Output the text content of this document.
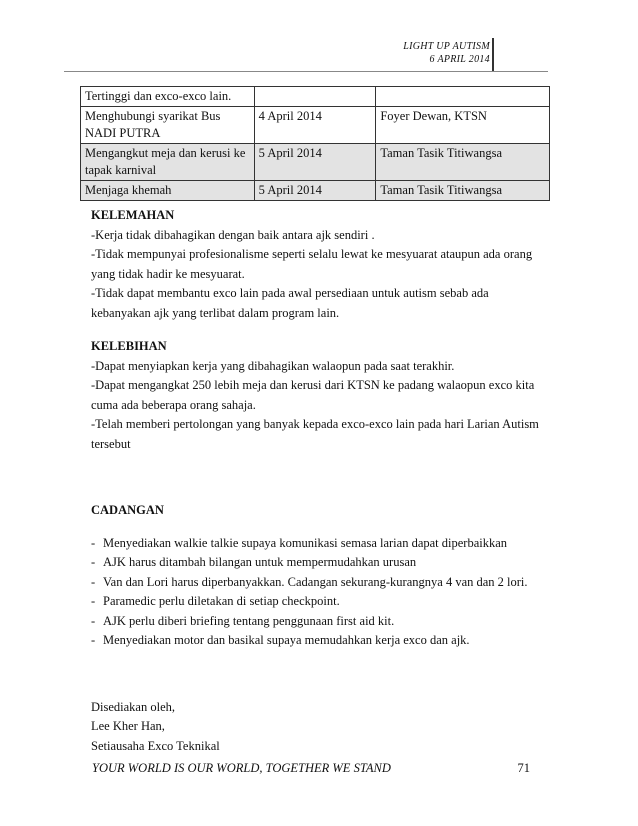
LIGHT UP AUTISM
6 APRIL 2014
Tertinggi dan exco-exco lain.		
Menghubungi syarikat Bus NADI PUTRA	4 April 2014	Foyer Dewan, KTSN
Mengangkut meja dan kerusi ke tapak karnival	5 April 2014	Taman Tasik Titiwangsa
Menjaga khemah	5 April 2014	Taman Tasik Titiwangsa

KELEMAHAN

-Kerja tidak dibahagikan dengan baik antara ajk sendiri .

-Tidak mempunyai profesionalisme seperti selalu lewat ke mesyuarat ataupun ada orang yang tidak hadir ke mesyuarat.

-Tidak dapat membantu exco lain pada awal persediaan untuk autism sebab ada kebanyakan ajk yang terlibat dalam program lain.

KELEBIHAN

-Dapat menyiapkan kerja yang dibahagikan walaopun pada saat terakhir.

-Dapat mengangkat 250 lebih meja dan kerusi dari KTSN ke padang walaopun exco kita cuma ada beberapa orang sahaja.

-Telah memberi pertolongan yang banyak kepada exco-exco lain pada hari Larian Autism tersebut

CADANGAN

- Menyediakan walkie talkie supaya komunikasi semasa larian dapat diperbaikkan
- AJK harus ditambah bilangan untuk mempermudahkan urusan
- Van dan Lori harus diperbanyakkan. Cadangan sekurang-kurangnya 4 van dan 2 lori.
- Paramedic perlu diletakan di setiap checkpoint.
- AJK perlu diberi briefing tentang penggunaan first aid kit.
- Menyediakan motor dan basikal supaya memudahkan kerja exco dan ajk.

Disediakan oleh,

Lee Kher Han,

Setiausaha Exco Teknikal

YOUR WORLD IS OUR WORLD, TOGETHER WE STAND	71
